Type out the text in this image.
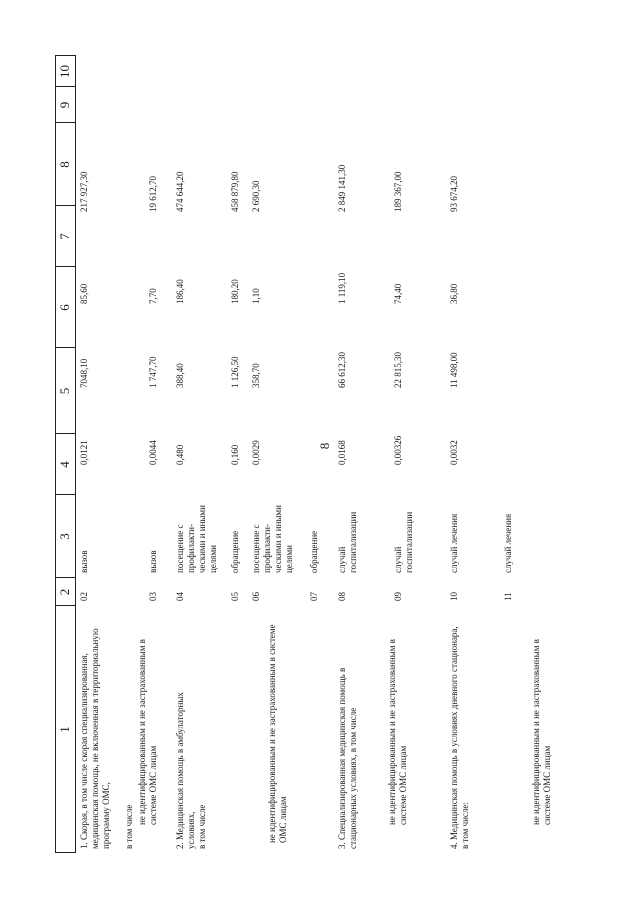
8
1
2
3
4
5
6
7
8
9
10
1. Скорая, в том числе скорая специализированная, медицинская помощь, не включенная в территориальную программу ОМС, в том числе
02
вызов
0,0121
7048,10
85,60
217 927,30
не идентифицированным и не застрахованным в системе ОМС лицам
03
вызов
0,0044
1 747,70
7,70
19 612,70
2. Медицинская помощь в амбулаторных условиях, в том числе
04
посещение с профилакти-ческими и иными целями
0,480
388,40
186,40
474 644,20
05
обращение
0,160
1 126,50
180,20
458 879,80
не идентифицированным и не застрахованным в системе ОМС лицам
06
посещение с профилакти-ческими и иными целями
0,0029
358,70
1,10
2 690,30
07
обращение
3. Специализированная медицинская помощь в стационарных условиях, в том числе
08
случай госпитализации
0,0168
66 612,30
1 119,10
2 849 141,30
не идентифицированным и не застрахованным в системе ОМС лицам
09
случай госпитализации
0,00326
22 815,30
74,40
189 367,00
4. Медицинская помощь в условиях дневного стационара, в том числе:
10
случай лечения
0,0032
11 498,00
36,80
93 674,20
не идентифицированным и не застрахованным в системе ОМС лицам
11
случай лечения
